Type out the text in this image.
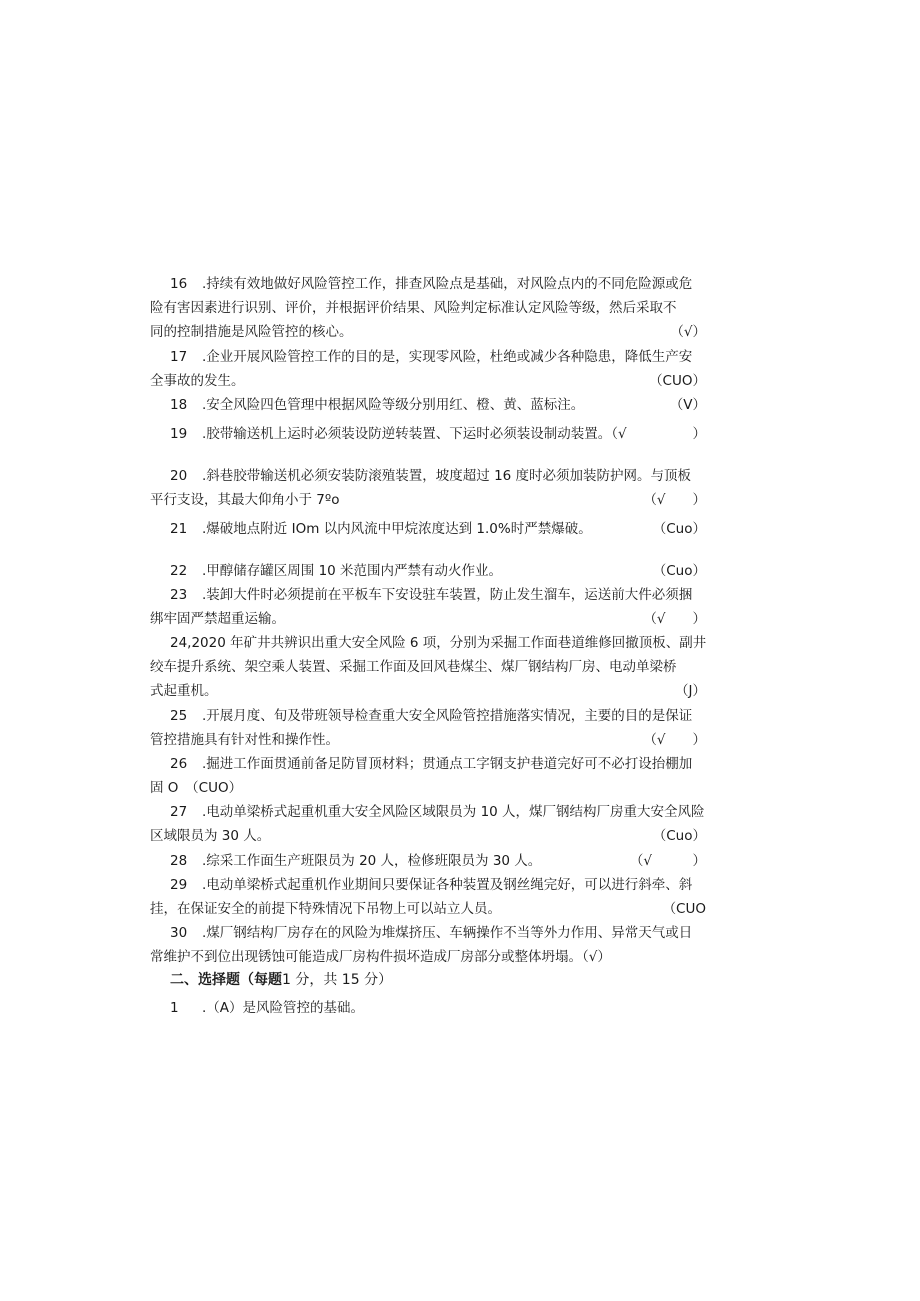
16 .持续有效地做好风险管控工作，排查风险点是基础，对风险点内的不同危险源或危
险有害因素进行识别、评价，并根据评价结果、风险判定标准认定风险等级，然后采取不
同的控制措施是风险管控的核心。	（√）
17 .企业开展风险管控工作的目的是，实现零风险，杜绝或减少各种隐患，降低生产安
全事故的发生。	（CUO）
18 .安全风险四色管理中根据风险等级分别用红、橙、黄、蓝标注。	（V）
19 .胶带输送机上运时必须装设防逆转装置、下运时必须装设制动装置。（√	）
20 .斜巷胶带输送机必须安装防滚殖装置，坡度超过 16 度时必须加装防护网。与顶板
平行支设，其最大仰角小于 7ºo	（√　　）
21 .爆破地点附近 IOm 以内风流中甲烷浓度达到 1.0%时严禁爆破。	（Cuo）
22 .甲醇储存罐区周围 10 米范围内严禁有动火作业。	（Cuo）
23 .装卸大件时必须提前在平板车下安设驻车装置，防止发生溜车，运送前大件必须捆
绑牢固严禁超重运输。	（√　　）
24,2020 年矿井共辨识出重大安全风险 6 项，分别为采掘工作面巷道维修回撤顶板、副井
绞车提升系统、架空乘人装置、采掘工作面及回风巷煤尘、煤厂钢结构厂房、电动单梁桥
式起重机。	（J）
25 .开展月度、旬及带班领导检查重大安全风险管控措施落实情况，主要的目的是保证
管控措施具有针对性和操作性。	（√　　）
26 .掘进工作面贯通前备足防冒顶材料；贯通点工字钢支护巷道完好可不必打设抬棚加
固 O　（CUO）
27 .电动单梁桥式起重机重大安全风险区域限员为 10 人，煤厂钢结构厂房重大安全风险
区域限员为 30 人。	（Cuo）
28 .综采工作面生产班限员为 20 人，检修班限员为 30 人。	（√　　　）
29 .电动单梁桥式起重机作业期间只要保证各种装置及钢丝绳完好，可以进行斜牵、斜
挂，在保证安全的前提下特殊情况下吊物上可以站立人员。	（CUO
30 .煤厂钢结构厂房存在的风险为堆煤挤压、车辆操作不当等外力作用、异常天气或日
常维护不到位出现锈蚀可能造成厂房构件损坏造成厂房部分或整体坍塌。（√）
二、选择题（每题1 分，共 15 分）
1 .（A）是风险管控的基础。
